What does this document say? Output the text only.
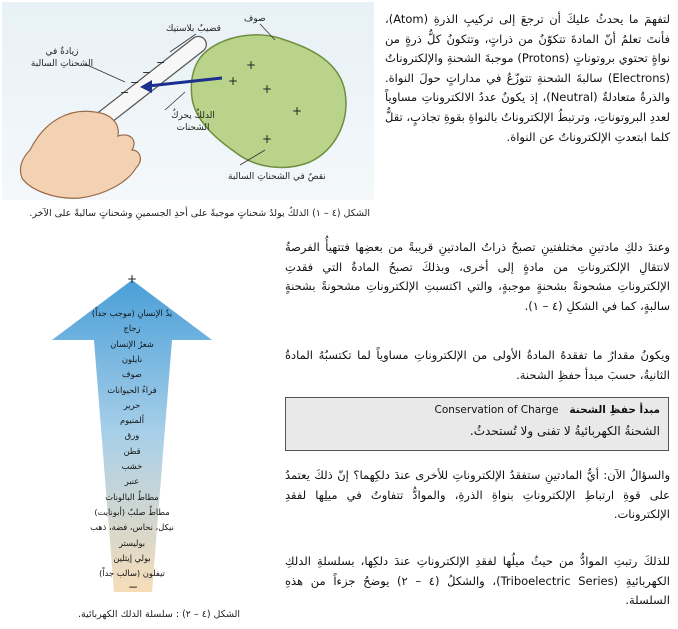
+
+
+
+
+
−
−
−
−
قضيبٌ بلاستيك
صوف
زيادةٌ في الشحناتِ السالبة
الدلكُ يحركُ الشحنات
نقصٌ في الشحناتِ السالبة
الشكل (٤ – ١) الدلكُ يولدُ شحناتٍ موجبةً على أحدِ الجسمينِ وشحناتٍ سالبةً على الآخر.
+
−
يدُ الإنسانِ (موجب جداً)
زجاج
شعرُ الإنسان
نايلون
صوف
فراءُ الحيوانات
حرير
ألمنيوم
ورق
قطن
خشب
عنبر
مطاطٌ البالونات
مطاطٌ صلبٌ (أبونايت)
نيكل، نحاس، فضة، ذهب
بوليستر
بولي إيثلين
تيفلون (سالب جداً)
الشكل (٤ – ٢) : سلسلة الدلك الكهربائية.
لتفهمَ ما يحدثُ عليكَ أن ترجعَ إلى تركيبِ الذرةِ (Atom)، فأنتَ تعلمُ أنّ المادةَ تتكوّنُ من ذراتٍ، وتتكونُ كلُّ ذرةٍ من نواةٍ تحتوي بروتوناتٍ (Protons) موجبةَ الشحنةِ والإلكتروناتُ (Electrons) سالبةَ الشحنةِ تتوزّعُ في مداراتٍ حولَ النواة. والذرةُ متعادلةٌ (Neutral)، إذ يكونُ عددُ الالكتروناتِ مساوياً لعددِ البروتوناتِ، وترتبطُ الإلكتروناتُ بالنواةِ بقوةِ تجاذبٍ، تقلُّ كلما ابتعدتِ الإلكتروناتُ عن النواة.
وعندَ دلكِ مادتينِ مختلفتينِ تصبحُ ذراتُ المادتينِ قريبةً من بعضِها فتتهيأُ الفرصةُ لانتقالِ الإلكتروناتِ من مادةٍ إلى أخرى، وبذلكَ تصبحُ المادةُ التي فقدتِ الإلكتروناتِ مشحونةً بشحنةٍ موجبةٍ، والتي اكتسبتِ الإلكتروناتِ مشحونةً بشحنةٍ سالبةٍ، كما في الشكلِ (٤ – ١).
ويكونُ مقدارُ ما تفقدهُ المادةُ الأولى من الإلكتروناتِ مساوياً لما تكتسبُهُ المادةُ الثانيةُ، حسبَ مبدأ حفظِ الشحنة.
مبدأ حفظِ الشحنة   Conservation of Charge
الشحنةُ الكهربائيةُ لا تفنى ولا تُستحدثُ.
والسؤالُ الآن: أيُّ المادتينِ ستفقدُ الإلكتروناتِ للأخرى عندَ دلكِهما؟ إنّ ذلكَ يعتمدُ على قوةِ ارتباطِ الإلكتروناتِ بنواةِ الذرةِ، والموادُّ تتفاوتُ في ميلِها لفقدِ الإلكترونات.
للذلكَ رتبتِ الموادُّ من حيثُ ميلُها لفقدِ الإلكتروناتِ عندَ دلكِها، بسلسلةِ الدلكِ الكهربائيةِ (Triboelectric Series)، والشكلُ (٤ – ٢) يوضحُ جزءاً من هذهِ السلسلة.
